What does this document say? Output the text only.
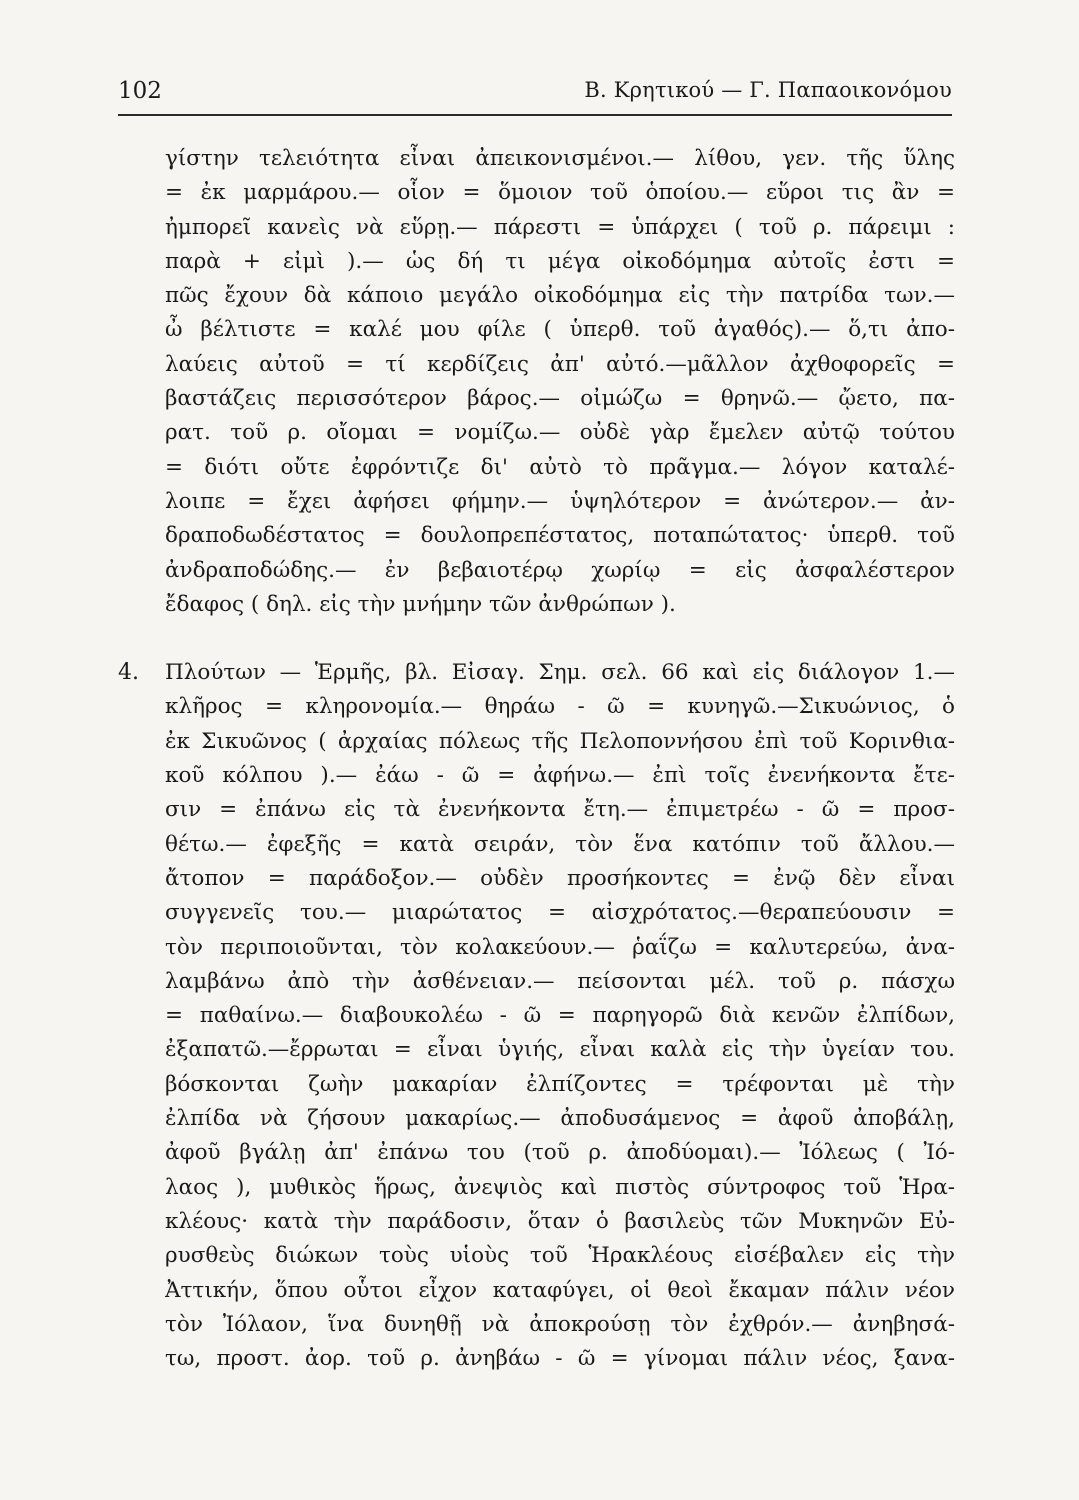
102	Β. Κρητικού — Γ. Παπαοικονόμου
γίστην τελειότητα εἶναι ἀπεικονισμένοι.— λίθου, γεν. τῆς ὕλης
= ἐκ μαρμάρου.— οἷον = ὅμοιον τοῦ ὁποίου.— εὕροι τις ἂν =
ἠμπορεῖ κανεὶς νὰ εὕρῃ.— πάρεστι = ὑπάρχει ( τοῦ ρ. πάρειμι :
παρὰ + εἰμὶ ).— ὡς δή τι μέγα οἰκοδόμημα αὐτοῖς ἐστι =
πῶς ἔχουν δὰ κάποιο μεγάλο οἰκοδόμημα εἰς τὴν πατρίδα των.—
ὦ βέλτιστε = καλέ μου φίλε ( ὑπερθ. τοῦ ἀγαθός).— ὅ,τι ἀπο-
λαύεις αὐτοῦ = τί κερδίζεις ἀπ' αὐτό.—μᾶλλον ἀχθοφορεῖς =
βαστάζεις περισσότερον βάρος.— οἰμώζω = θρηνῶ.— ᾤετο, πα-
ρατ. τοῦ ρ. οἴομαι = νομίζω.— οὐδὲ γὰρ ἔμελεν αὐτῷ τούτου
= διότι οὔτε ἐφρόντιζε δι' αὐτὸ τὸ πρᾶγμα.— λόγον καταλέ-
λοιπε = ἔχει ἀφήσει φήμην.— ὑψηλότερον = ἀνώτερον.— ἀν-
δραποδωδέστατος = δουλοπρεπέστατος, ποταπώτατος· ὑπερθ. τοῦ
ἀνδραποδώδης.— ἐν βεβαιοτέρῳ χωρίῳ = εἰς ἀσφαλέστερον
ἔδαφος ( δηλ. εἰς τὴν μνήμην τῶν ἀνθρώπων ).
4. Πλούτων — Ἑρμῆς, βλ. Εἰσαγ. Σημ. σελ. 66 καὶ εἰς διάλογον 1.—
κλῆρος = κληρονομία.— θηράω - ῶ = κυνηγῶ.—Σικυώνιος, ὁ
ἐκ Σικυῶνος ( ἀρχαίας πόλεως τῆς Πελοποννήσου ἐπὶ τοῦ Κορινθια-
κοῦ κόλπου ).— ἐάω - ῶ = ἀφήνω.— ἐπὶ τοῖς ἐνενήκοντα ἔτε-
σιν = ἐπάνω εἰς τὰ ἐνενήκοντα ἔτη.— ἐπιμετρέω - ῶ = προσ-
θέτω.— ἐφεξῆς = κατὰ σειράν, τὸν ἕνα κατόπιν τοῦ ἄλλου.—
ἄτοπον = παράδοξον.— οὐδὲν προσήκοντες = ἐνῷ δὲν εἶναι
συγγενεῖς του.— μιαρώτατος = αἰσχρότατος.—θεραπεύουσιν =
τὸν περιποιοῦνται, τὸν κολακεύουν.— ῥαΐζω = καλυτερεύω, ἀνα-
λαμβάνω ἀπὸ τὴν ἀσθένειαν.— πείσονται μέλ. τοῦ ρ. πάσχω
= παθαίνω.— διαβουκολέω - ῶ = παρηγορῶ διὰ κενῶν ἐλπίδων,
ἐξαπατῶ.—ἔρρωται = εἶναι ὑγιής, εἶναι καλὰ εἰς τὴν ὑγείαν του.
βόσκονται ζωὴν μακαρίαν ἐλπίζοντες = τρέφονται μὲ τὴν
ἐλπίδα νὰ ζήσουν μακαρίως.— ἀποδυσάμενος = ἀφοῦ ἀποβάλῃ,
ἀφοῦ βγάλῃ ἀπ' ἐπάνω του (τοῦ ρ. ἀποδύομαι).— Ἰόλεως ( Ἰό-
λαος ), μυθικὸς ἥρως, ἀνεψιὸς καὶ πιστὸς σύντροφος τοῦ Ἡρα-
κλέους· κατὰ τὴν παράδοσιν, ὅταν ὁ βασιλεὺς τῶν Μυκηνῶν Εὐ-
ρυσθεὺς διώκων τοὺς υἱοὺς τοῦ Ἡρακλέους εἰσέβαλεν εἰς τὴν
Ἀττικήν, ὅπου οὗτοι εἶχον καταφύγει, οἱ θεοὶ ἔκαμαν πάλιν νέον
τὸν Ἰόλαον, ἵνα δυνηθῇ νὰ ἀποκρούσῃ τὸν ἐχθρόν.— ἀνηβησά-
τω, προστ. ἀορ. τοῦ ρ. ἀνηβάω - ῶ = γίνομαι πάλιν νέος, ξανα-
